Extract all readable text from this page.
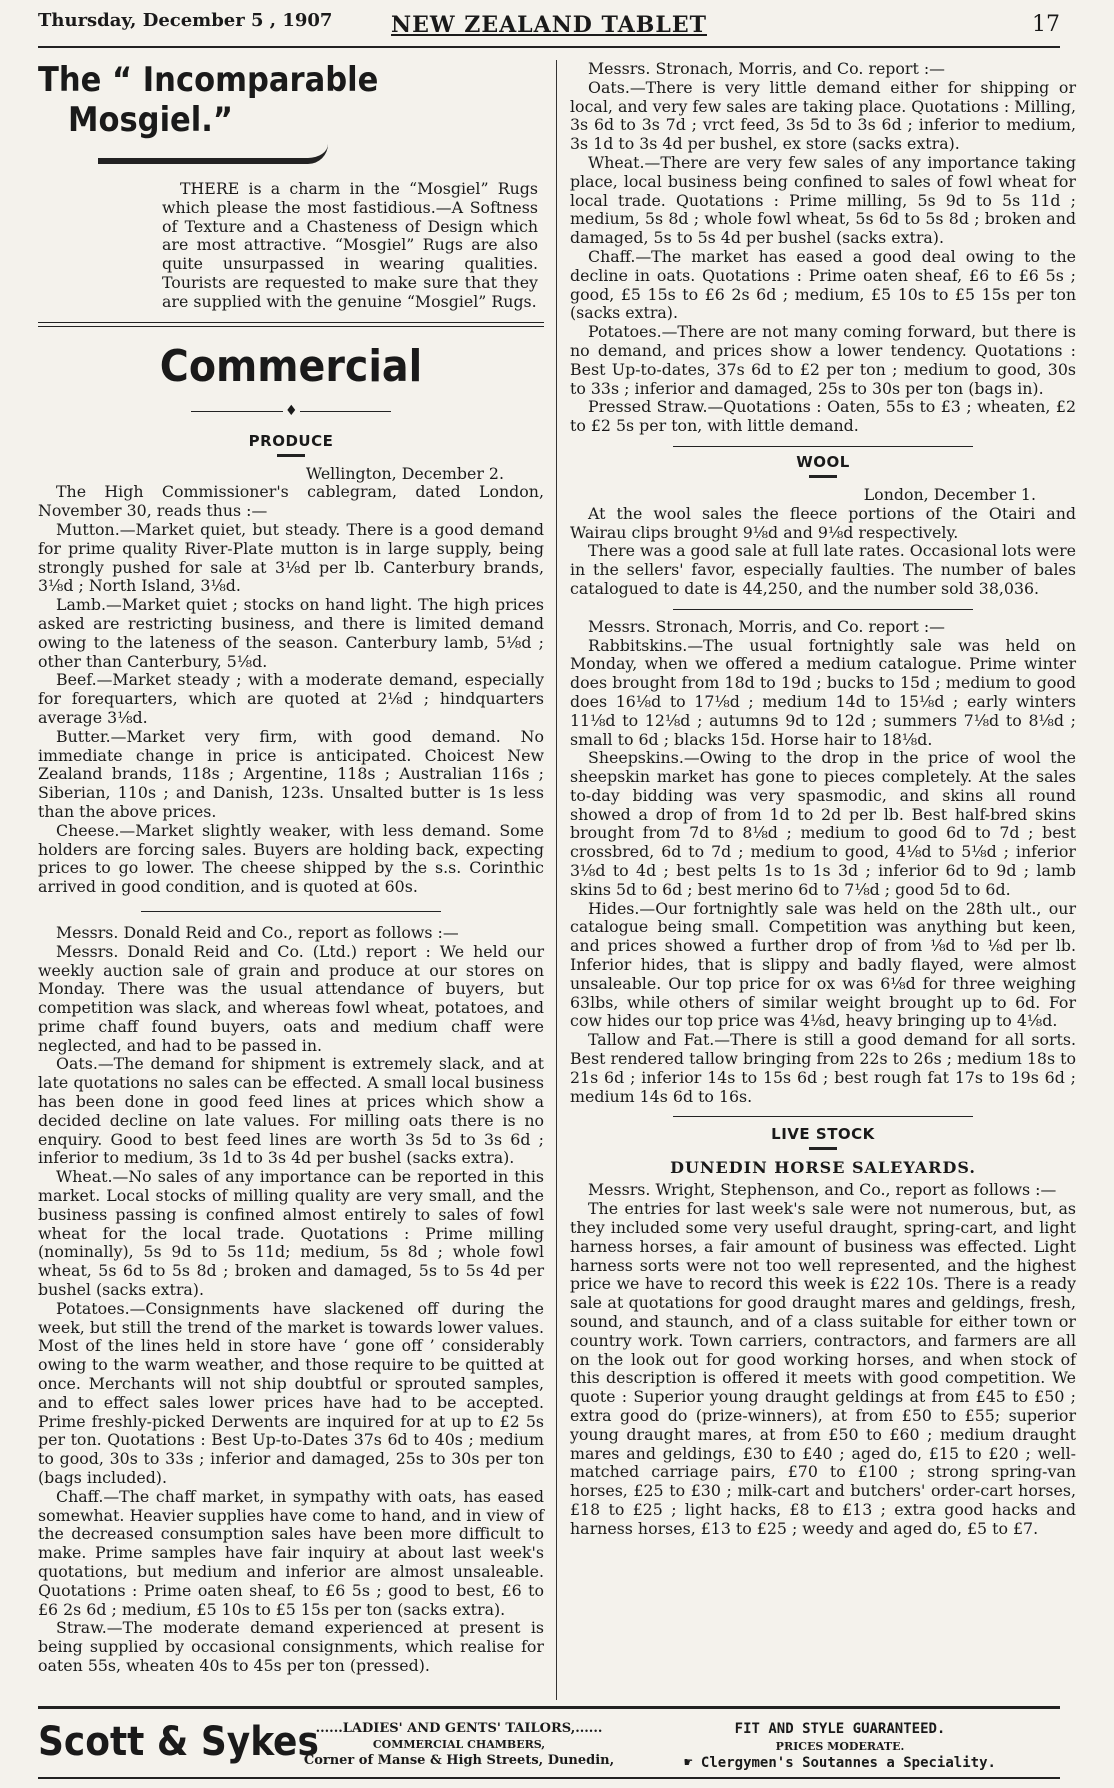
Thursday, December 5 , 1907	NEW ZEALAND TABLET	17
The “ Incomparable
Mosgiel.”

THERE is a charm in the “Mosgiel” Rugs which please the most fastidious.—A Softness of Texture and a Chasteness of Design which are most attractive. “Mosgiel” Rugs are also quite unsurpassed in wearing qualities. Tourists are requested to make sure that they are supplied with the genuine “Mosgiel” Rugs.

Commercial
♦
PRODUCE

Wellington, December 2.

The High Commissioner's cablegram, dated London, November 30, reads thus :—

Mutton.—Market quiet, but steady. There is a good demand for prime quality River-Plate mutton is in large supply, being strongly pushed for sale at 3⅛d per lb. Canterbury brands, 3⅛d ; North Island, 3⅛d.

Lamb.—Market quiet ; stocks on hand light. The high prices asked are restricting business, and there is limited demand owing to the lateness of the season. Canterbury lamb, 5⅛d ; other than Canterbury, 5⅛d.

Beef.—Market steady ; with a moderate demand, especially for forequarters, which are quoted at 2⅛d ; hindquarters average 3⅛d.

Butter.—Market very firm, with good demand. No immediate change in price is anticipated. Choicest New Zealand brands, 118s ; Argentine, 118s ; Australian 116s ; Siberian, 110s ; and Danish, 123s. Unsalted butter is 1s less than the above prices.

Cheese.—Market slightly weaker, with less demand. Some holders are forcing sales. Buyers are holding back, expecting prices to go lower. The cheese shipped by the s.s. Corinthic arrived in good condition, and is quoted at 60s.

Messrs. Donald Reid and Co., report as follows :—

Messrs. Donald Reid and Co. (Ltd.) report : We held our weekly auction sale of grain and produce at our stores on Monday. There was the usual attendance of buyers, but competition was slack, and whereas fowl wheat, potatoes, and prime chaff found buyers, oats and medium chaff were neglected, and had to be passed in.

Oats.—The demand for shipment is extremely slack, and at late quotations no sales can be effected. A small local business has been done in good feed lines at prices which show a decided decline on late values. For milling oats there is no enquiry. Good to best feed lines are worth 3s 5d to 3s 6d ; inferior to medium, 3s 1d to 3s 4d per bushel (sacks extra).

Wheat.—No sales of any importance can be reported in this market. Local stocks of milling quality are very small, and the business passing is confined almost entirely to sales of fowl wheat for the local trade. Quotations : Prime milling (nominally), 5s 9d to 5s 11d; medium, 5s 8d ; whole fowl wheat, 5s 6d to 5s 8d ; broken and damaged, 5s to 5s 4d per bushel (sacks extra).

Potatoes.—Consignments have slackened off during the week, but still the trend of the market is towards lower values. Most of the lines held in store have ‘ gone off ’ considerably owing to the warm weather, and those require to be quitted at once. Merchants will not ship doubtful or sprouted samples, and to effect sales lower prices have had to be accepted. Prime freshly-picked Derwents are inquired for at up to £2 5s per ton. Quotations : Best Up-to-Dates 37s 6d to 40s ; medium to good, 30s to 33s ; inferior and damaged, 25s to 30s per ton (bags included).

Chaff.—The chaff market, in sympathy with oats, has eased somewhat. Heavier supplies have come to hand, and in view of the decreased consumption sales have been more difficult to make. Prime samples have fair inquiry at about last week's quotations, but medium and inferior are almost unsaleable. Quotations : Prime oaten sheaf, to £6 5s ; good to best, £6 to £6 2s 6d ; medium, £5 10s to £5 15s per ton (sacks extra).

Straw.—The moderate demand experienced at present is being supplied by occasional consignments, which realise for oaten 55s, wheaten 40s to 45s per ton (pressed).

Messrs. Stronach, Morris, and Co. report :—

Oats.—There is very little demand either for shipping or local, and very few sales are taking place. Quotations : Milling, 3s 6d to 3s 7d ; vrct feed, 3s 5d to 3s 6d ; inferior to medium, 3s 1d to 3s 4d per bushel, ex store (sacks extra).

Wheat.—There are very few sales of any importance taking place, local business being confined to sales of fowl wheat for local trade. Quotations : Prime milling, 5s 9d to 5s 11d ; medium, 5s 8d ; whole fowl wheat, 5s 6d to 5s 8d ; broken and damaged, 5s to 5s 4d per bushel (sacks extra).

Chaff.—The market has eased a good deal owing to the decline in oats. Quotations : Prime oaten sheaf, £6 to £6 5s ; good, £5 15s to £6 2s 6d ; medium, £5 10s to £5 15s per ton (sacks extra).

Potatoes.—There are not many coming forward, but there is no demand, and prices show a lower tendency. Quotations : Best Up-to-dates, 37s 6d to £2 per ton ; medium to good, 30s to 33s ; inferior and damaged, 25s to 30s per ton (bags in).

Pressed Straw.—Quotations : Oaten, 55s to £3 ; wheaten, £2 to £2 5s per ton, with little demand.

WOOL

London, December 1.

At the wool sales the fleece portions of the Otairi and Wairau clips brought 9⅛d and 9⅛d respectively.

There was a good sale at full late rates. Occasional lots were in the sellers' favor, especially faulties. The number of bales catalogued to date is 44,250, and the number sold 38,036.

Messrs. Stronach, Morris, and Co. report :—

Rabbitskins.—The usual fortnightly sale was held on Monday, when we offered a medium catalogue. Prime winter does brought from 18d to 19d ; bucks to 15d ; medium to good does 16⅛d to 17⅛d ; medium 14d to 15⅛d ; early winters 11⅛d to 12⅛d ; autumns 9d to 12d ; summers 7⅛d to 8⅛d ; small to 6d ; blacks 15d. Horse hair to 18⅛d.

Sheepskins.—Owing to the drop in the price of wool the sheepskin market has gone to pieces completely. At the sales to-day bidding was very spasmodic, and skins all round showed a drop of from 1d to 2d per lb. Best half-bred skins brought from 7d to 8⅛d ; medium to good 6d to 7d ; best crossbred, 6d to 7d ; medium to good, 4⅛d to 5⅛d ; inferior 3⅛d to 4d ; best pelts 1s to 1s 3d ; inferior 6d to 9d ; lamb skins 5d to 6d ; best merino 6d to 7⅛d ; good 5d to 6d.

Hides.—Our fortnightly sale was held on the 28th ult., our catalogue being small. Competition was anything but keen, and prices showed a further drop of from ⅛d to ⅛d per lb. Inferior hides, that is slippy and badly flayed, were almost unsaleable. Our top price for ox was 6⅛d for three weighing 63lbs, while others of similar weight brought up to 6d. For cow hides our top price was 4⅛d, heavy bringing up to 4⅛d.

Tallow and Fat.—There is still a good demand for all sorts. Best rendered tallow bringing from 22s to 26s ; medium 18s to 21s 6d ; inferior 14s to 15s 6d ; best rough fat 17s to 19s 6d ; medium 14s 6d to 16s.

LIVE STOCK
DUNEDIN HORSE SALEYARDS.

Messrs. Wright, Stephenson, and Co., report as follows :—

The entries for last week's sale were not numerous, but, as they included some very useful draught, spring-cart, and light harness horses, a fair amount of business was effected. Light harness sorts were not too well represented, and the highest price we have to record this week is £22 10s. There is a ready sale at quotations for good draught mares and geldings, fresh, sound, and staunch, and of a class suitable for either town or country work. Town carriers, contractors, and farmers are all on the look out for good working horses, and when stock of this description is offered it meets with good competition. We quote : Superior young draught geldings at from £45 to £50 ; extra good do (prize-winners), at from £50 to £55; superior young draught mares, at from £50 to £60 ; medium draught mares and geldings, £30 to £40 ; aged do, £15 to £20 ; well-matched carriage pairs, £70 to £100 ; strong spring-van horses, £25 to £30 ; milk-cart and butchers' order-cart horses, £18 to £25 ; light hacks, £8 to £13 ; extra good hacks and harness horses, £13 to £25 ; weedy and aged do, £5 to £7.

Scott & Sykes
......LADIES' AND GENTS' TAILORS,......
COMMERCIAL CHAMBERS,
Corner of Manse & High Streets, Dunedin,
FIT AND STYLE GUARANTEED.
PRICES MODERATE.
☛ Clergymen's Soutannes a Speciality.
